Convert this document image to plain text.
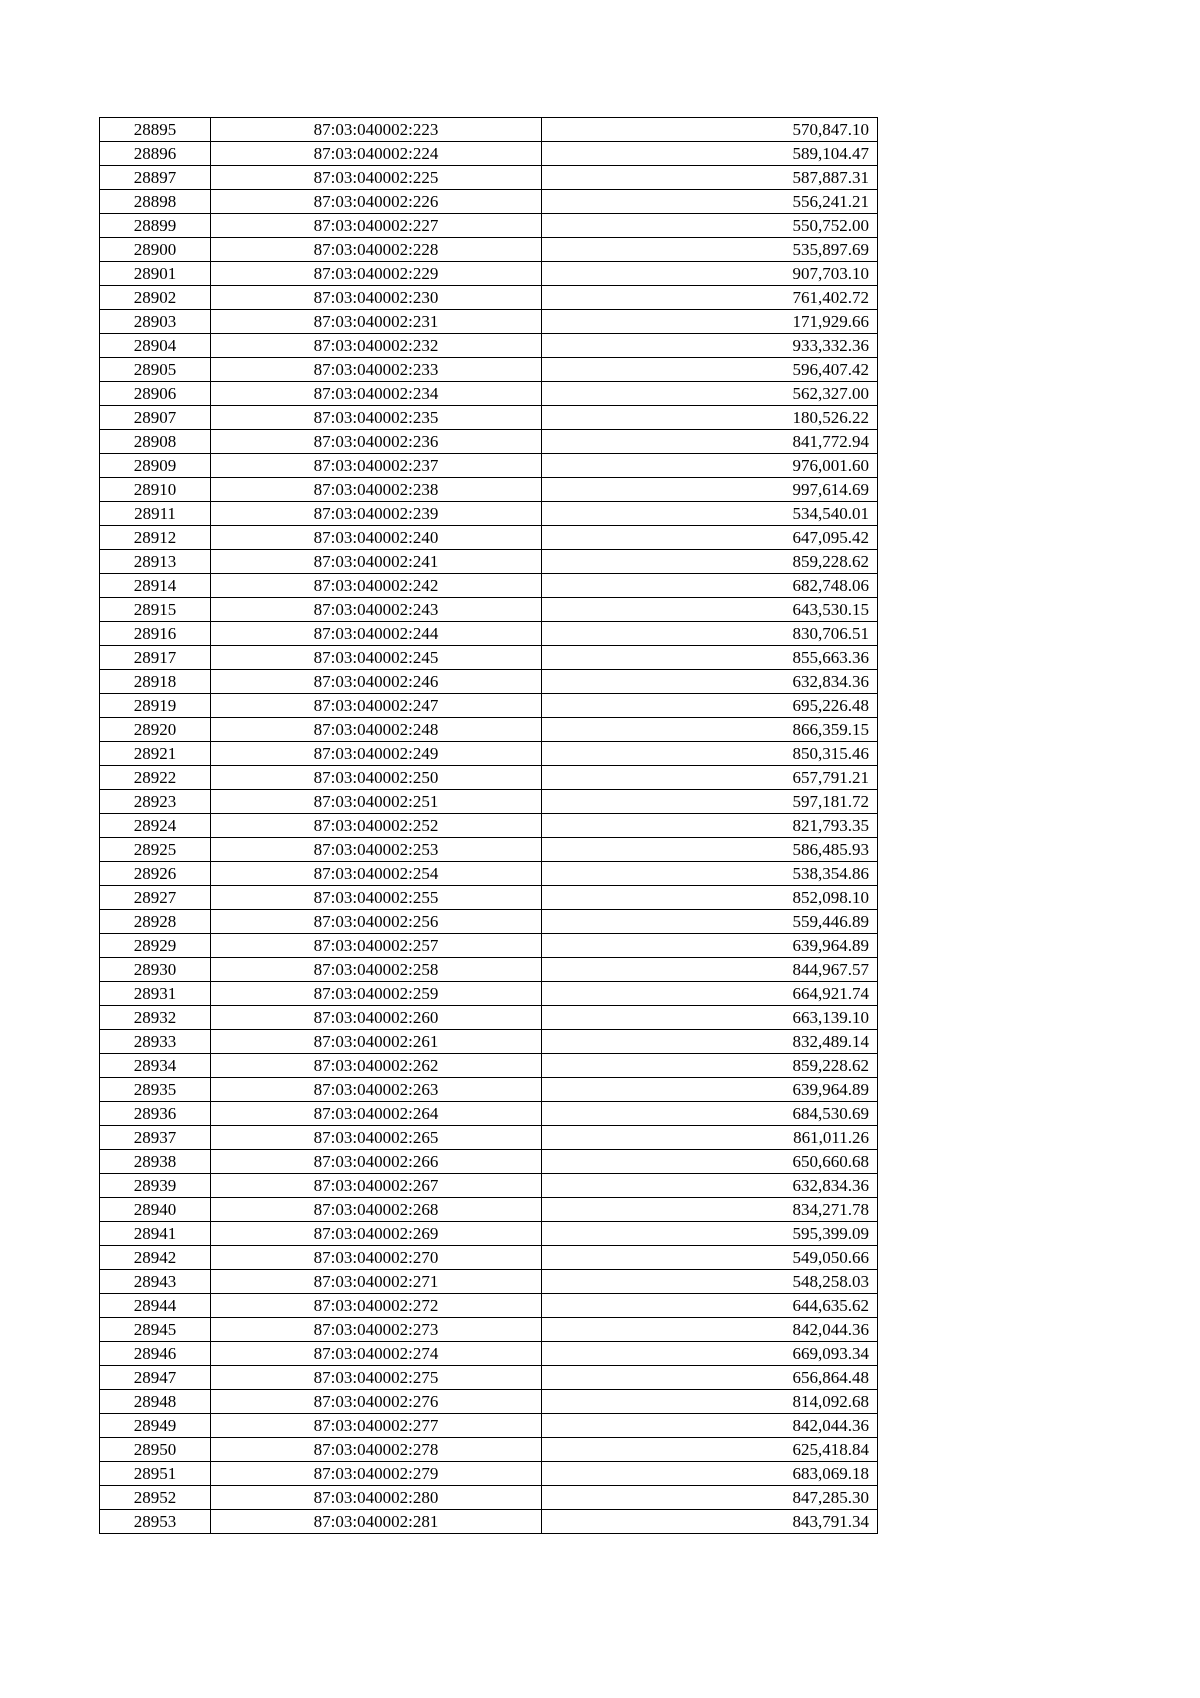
28895	87:03:040002:223	570,847.10
28896	87:03:040002:224	589,104.47
28897	87:03:040002:225	587,887.31
28898	87:03:040002:226	556,241.21
28899	87:03:040002:227	550,752.00
28900	87:03:040002:228	535,897.69
28901	87:03:040002:229	907,703.10
28902	87:03:040002:230	761,402.72
28903	87:03:040002:231	171,929.66
28904	87:03:040002:232	933,332.36
28905	87:03:040002:233	596,407.42
28906	87:03:040002:234	562,327.00
28907	87:03:040002:235	180,526.22
28908	87:03:040002:236	841,772.94
28909	87:03:040002:237	976,001.60
28910	87:03:040002:238	997,614.69
28911	87:03:040002:239	534,540.01
28912	87:03:040002:240	647,095.42
28913	87:03:040002:241	859,228.62
28914	87:03:040002:242	682,748.06
28915	87:03:040002:243	643,530.15
28916	87:03:040002:244	830,706.51
28917	87:03:040002:245	855,663.36
28918	87:03:040002:246	632,834.36
28919	87:03:040002:247	695,226.48
28920	87:03:040002:248	866,359.15
28921	87:03:040002:249	850,315.46
28922	87:03:040002:250	657,791.21
28923	87:03:040002:251	597,181.72
28924	87:03:040002:252	821,793.35
28925	87:03:040002:253	586,485.93
28926	87:03:040002:254	538,354.86
28927	87:03:040002:255	852,098.10
28928	87:03:040002:256	559,446.89
28929	87:03:040002:257	639,964.89
28930	87:03:040002:258	844,967.57
28931	87:03:040002:259	664,921.74
28932	87:03:040002:260	663,139.10
28933	87:03:040002:261	832,489.14
28934	87:03:040002:262	859,228.62
28935	87:03:040002:263	639,964.89
28936	87:03:040002:264	684,530.69
28937	87:03:040002:265	861,011.26
28938	87:03:040002:266	650,660.68
28939	87:03:040002:267	632,834.36
28940	87:03:040002:268	834,271.78
28941	87:03:040002:269	595,399.09
28942	87:03:040002:270	549,050.66
28943	87:03:040002:271	548,258.03
28944	87:03:040002:272	644,635.62
28945	87:03:040002:273	842,044.36
28946	87:03:040002:274	669,093.34
28947	87:03:040002:275	656,864.48
28948	87:03:040002:276	814,092.68
28949	87:03:040002:277	842,044.36
28950	87:03:040002:278	625,418.84
28951	87:03:040002:279	683,069.18
28952	87:03:040002:280	847,285.30
28953	87:03:040002:281	843,791.34
